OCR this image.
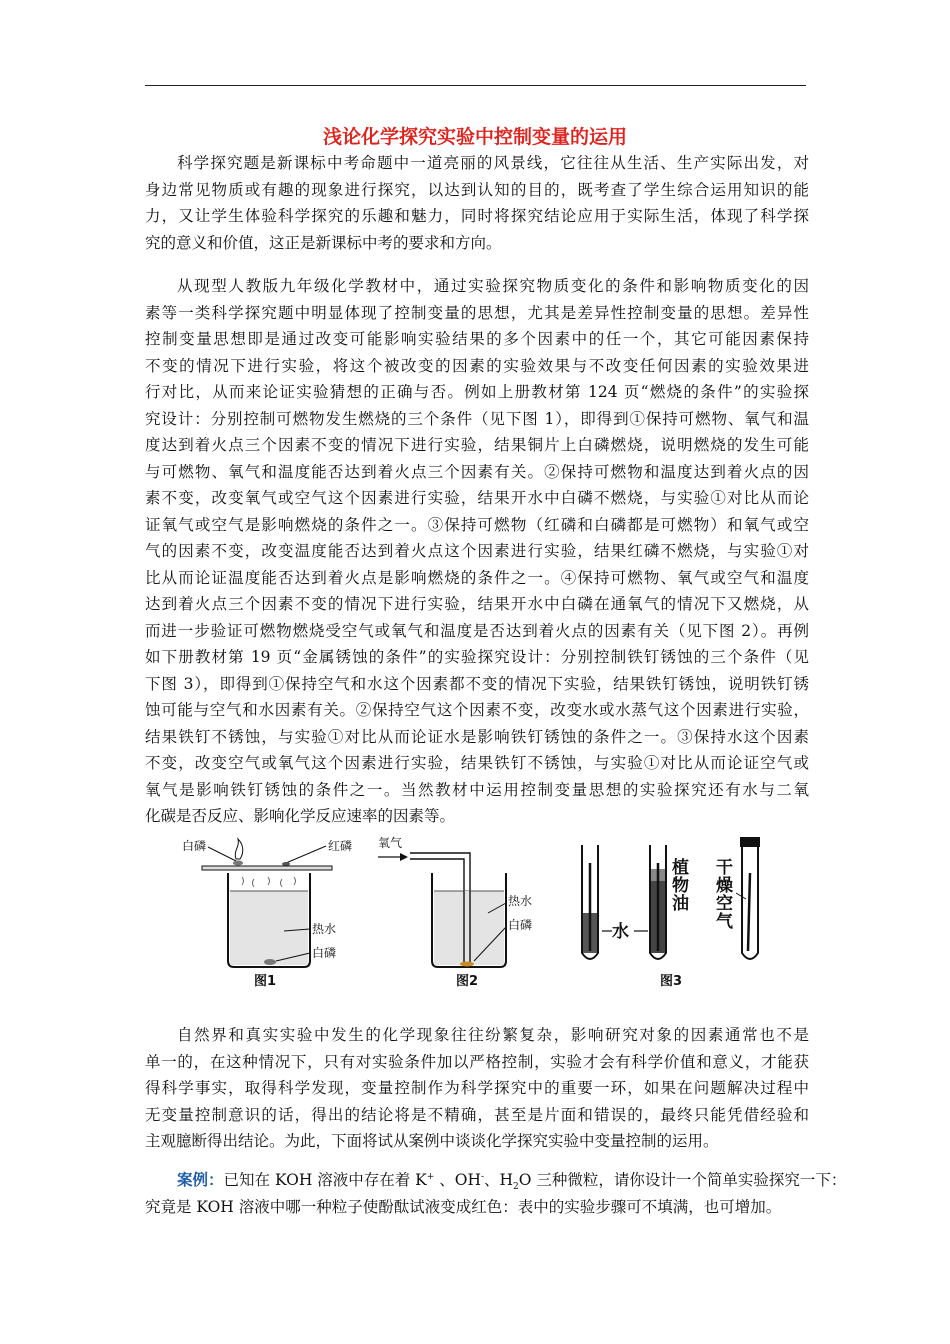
浅论化学探究实验中控制变量的运用
科学探究题是新课标中考命题中一道亮丽的风景线，它往往从生活、生产实际出发，对
身边常见物质或有趣的现象进行探究，以达到认知的目的，既考查了学生综合运用知识的能
力，又让学生体验科学探究的乐趣和魅力，同时将探究结论应用于实际生活，体现了科学探
究的意义和价值，这正是新课标中考的要求和方向。
从现型人教版九年级化学教材中，通过实验探究物质变化的条件和影响物质变化的因
素等一类科学探究题中明显体现了控制变量的思想，尤其是差异性控制变量的思想。差异性
控制变量思想即是通过改变可能影响实验结果的多个因素中的任一个，其它可能因素保持
不变的情况下进行实验，将这个被改变的因素的实验效果与不改变任何因素的实验效果进
行对比，从而来论证实验猜想的正确与否。例如上册教材第 124 页“燃烧的条件”的实验探
究设计：分别控制可燃物发生燃烧的三个条件（见下图 1），即得到①保持可燃物、氧气和温
度达到着火点三个因素不变的情况下进行实验，结果铜片上白磷燃烧，说明燃烧的发生可能
与可燃物、氧气和温度能否达到着火点三个因素有关。②保持可燃物和温度达到着火点的因
素不变，改变氧气或空气这个因素进行实验，结果开水中白磷不燃烧，与实验①对比从而论
证氧气或空气是影响燃烧的条件之一。③保持可燃物（红磷和白磷都是可燃物）和氧气或空
气的因素不变，改变温度能否达到着火点这个因素进行实验，结果红磷不燃烧，与实验①对
比从而论证温度能否达到着火点是影响燃烧的条件之一。④保持可燃物、氧气或空气和温度
达到着火点三个因素不变的情况下进行实验，结果开水中白磷在通氧气的情况下又燃烧，从
而进一步验证可燃物燃烧受空气或氧气和温度是否达到着火点的因素有关（见下图 2）。再例
如下册教材第 19 页“金属锈蚀的条件”的实验探究设计：分别控制铁钉锈蚀的三个条件（见
下图 3），即得到①保持空气和水这个因素都不变的情况下实验，结果铁钉锈蚀，说明铁钉锈
蚀可能与空气和水因素有关。②保持空气这个因素不变，改变水或水蒸气这个因素进行实验，
结果铁钉不锈蚀，与实验①对比从而论证水是影响铁钉锈蚀的条件之一。③保持水这个因素
不变，改变空气或氧气这个因素进行实验，结果铁钉不锈蚀，与实验①对比从而论证空气或
氧气是影响铁钉锈蚀的条件之一。当然教材中运用控制变量思想的实验探究还有水与二氧
化碳是否反应、影响化学反应速率的因素等。
白磷	红磷
热水
白磷
图1
氧气
热水
白磷
图2
水
植
物
油
干
燥
空
气
图3
自然界和真实实验中发生的化学现象往往纷繁复杂，影响研究对象的因素通常也不是
单一的，在这种情况下，只有对实验条件加以严格控制，实验才会有科学价值和意义，才能获
得科学事实，取得科学发现，变量控制作为科学探究中的重要一环，如果在问题解决过程中
无变量控制意识的话，得出的结论将是不精确，甚至是片面和错误的，最终只能凭借经验和
主观臆断得出结论。为此，下面将试从案例中谈谈化学探究实验中变量控制的运用。
案例：已知在 KOH 溶液中存在着 K+ 、OH-、$H_2O$ 三种微粒，请你设计一个简单实验探究一下：
究竟是 KOH 溶液中哪一种粒子使酚酞试液变成红色：表中的实验步骤可不填满，也可增加。
